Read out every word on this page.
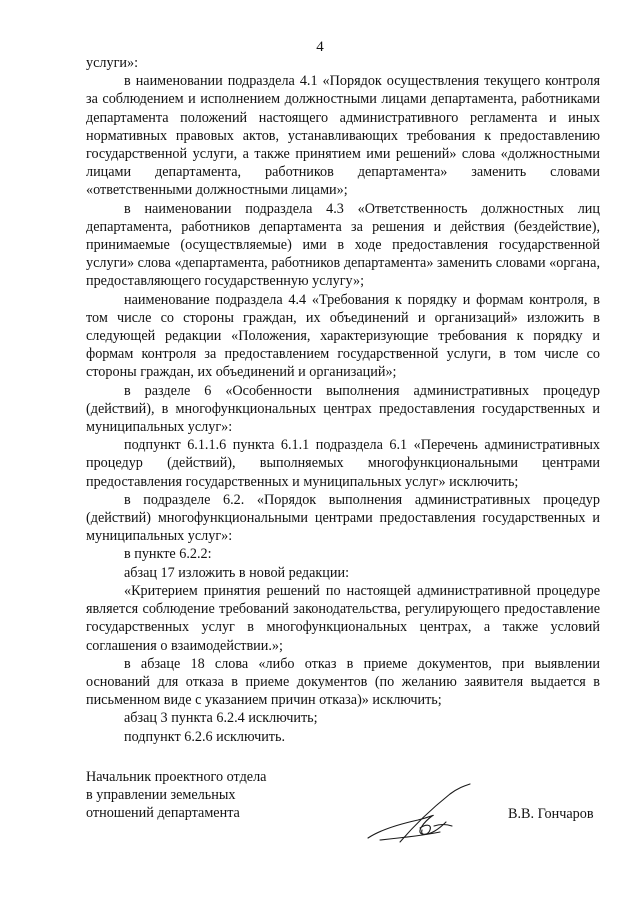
4

услуги»:

в наименовании подраздела 4.1 «Порядок осуществления текущего контроля за соблюдением и исполнением должностными лицами департамента, работниками департамента положений настоящего административного регламента и иных нормативных правовых актов, устанавливающих требования к предоставлению государственной услуги, а также принятием ими решений» слова «должностными лицами департамента, работников департамента» заменить словами «ответственными должностными лицами»;

в наименовании подраздела 4.3 «Ответственность должностных лиц департамента, работников департамента за решения и действия (бездействие), принимаемые (осуществляемые) ими в ходе предоставления государственной услуги» слова «департамента, работников департамента» заменить словами «органа, предоставляющего государственную услугу»;

наименование подраздела 4.4 «Требования к порядку и формам контроля, в том числе со стороны граждан, их объединений и организаций» изложить в следующей редакции «Положения, характеризующие требования к порядку и формам контроля за предоставлением государственной услуги, в том числе со стороны граждан, их объединений и организаций»;

в разделе 6 «Особенности выполнения административных процедур (действий), в многофункциональных центрах предоставления государственных и муниципальных услуг»:

подпункт 6.1.1.6 пункта 6.1.1 подраздела 6.1 «Перечень административных процедур (действий), выполняемых многофункциональными центрами предоставления государственных и муниципальных услуг» исключить;

в подразделе 6.2. «Порядок выполнения административных процедур (действий) многофункциональными центрами предоставления государственных и муниципальных услуг»:

в пункте 6.2.2:

абзац 17 изложить в новой редакции:

«Критерием принятия решений по настоящей административной процедуре является соблюдение требований законодательства, регулирующего предоставление государственных услуг в многофункциональных центрах, а также условий соглашения о взаимодействии.»;

в абзаце 18 слова «либо отказ в приеме документов, при выявлении оснований для отказа в приеме документов (по желанию заявителя выдается в письменном виде с указанием причин отказа)» исключить;

абзац 3 пункта 6.2.4 исключить;

подпункт 6.2.6 исключить.

Начальник проектного отдела
в управлении земельных
отношений департамента	В.В. Гончаров
